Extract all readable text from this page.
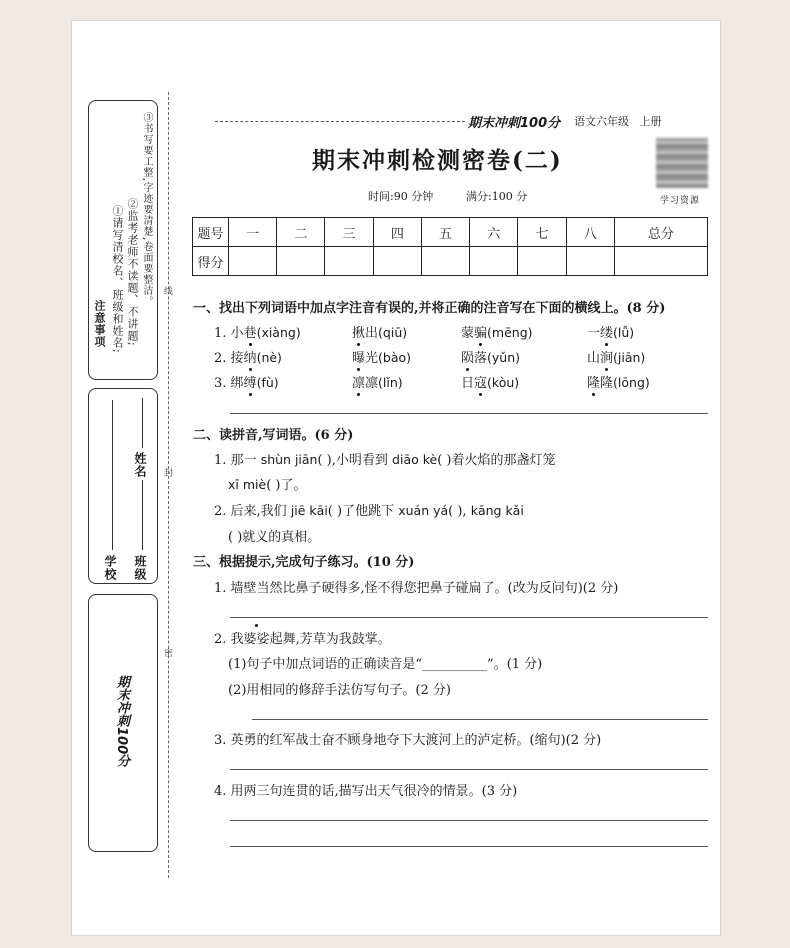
注意事项 ①请写清校名、班级和姓名; ②监考老师不读题、不讲题; ③书写要工整,字迹要清楚,卷面要整洁。
学校 班级
姓名
期末冲刺100分
线
封
密
期末冲刺100分 语文六年级 上册
期末冲刺检测密卷(二)
学习资源
时间:90 分钟	满分:100 分
题号	一	二	三	四	五	六	七	八	总分
得分									
一、找出下列词语中加点字注音有误的,并将正确的注音写在下面的横线上。(8 分)
1. 小巷(xiàng)	揪出(qiū)	蒙骗(mēng)	一缕(lǚ)
2. 接纳(nè)	曝光(bào)	陨落(yǔn)	山涧(jiān)
3. 绑缚(fù)	凛凛(lǐn)	日寇(kòu)	隆隆(lōng)
二、读拼音,写词语。(6 分)
1. 那一 shùn jiān( ),小明看到 diāo kè( )着火焰的那盏灯笼
xī miè( )了。
2. 后来,我们 jiē kāi( )了他跳下 xuán yá( ), kāng kǎi
( )就义的真相。
三、根据提示,完成句子练习。(10 分)
1. 墙壁当然比鼻子硬得多,怪不得您把鼻子碰扁了。(改为反问句)(2 分)
2. 我婆娑起舞,芳草为我鼓掌。
(1)句子中加点词语的正确读音是“__________”。(1 分)
(2)用相同的修辞手法仿写句子。(2 分)
3. 英勇的红军战士奋不顾身地夺下大渡河上的泸定桥。(缩句)(2 分)
4. 用两三句连贯的话,描写出天气很冷的情景。(3 分)
